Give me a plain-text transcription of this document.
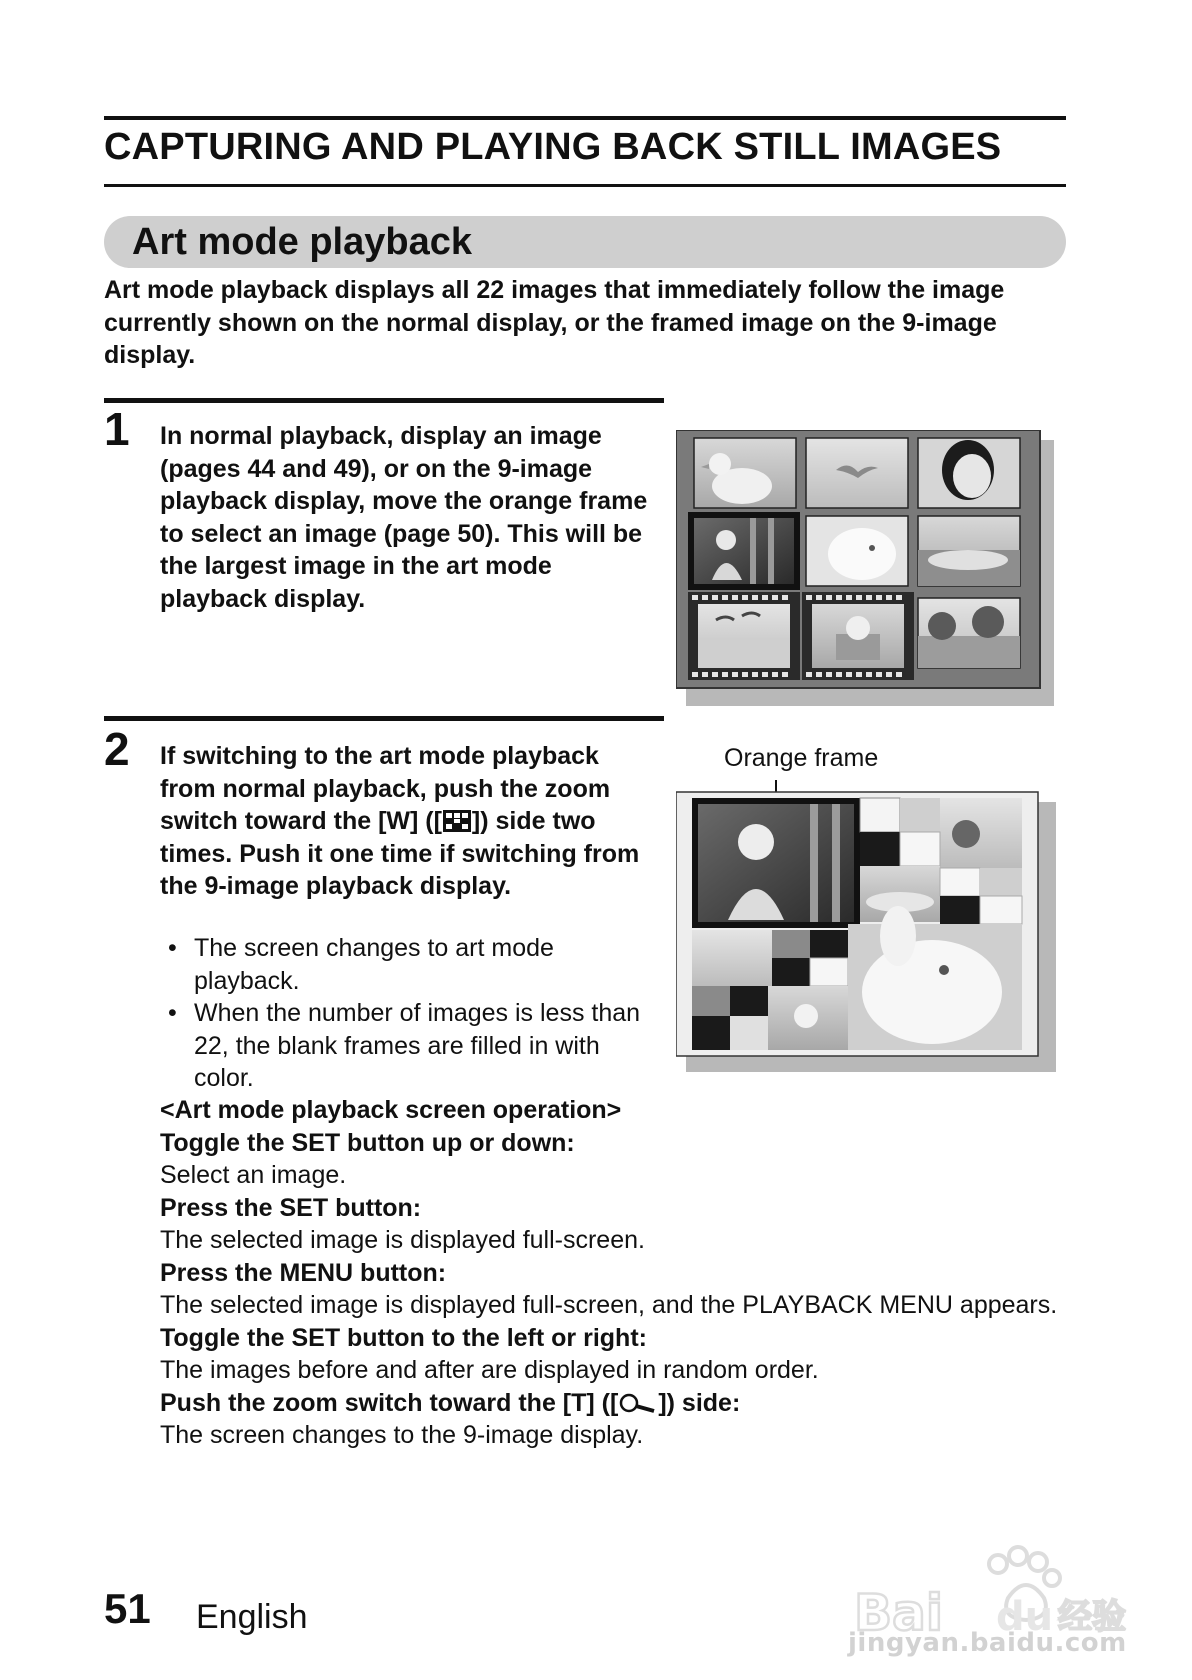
CAPTURING AND PLAYING BACK STILL IMAGES
Art mode playback

Art mode playback displays all 22 images that immediately follow the image currently shown on the normal display, or the framed image on the 9-image display.

1 In normal playback, display an image (pages 44 and 49), or on the 9-image playback display, move the orange frame to select an image (page 50). This will be the largest image in the art mode playback display.

2 If switching to the art mode playback from normal playback, push the zoom switch toward the [W] ([ ]) side two times. Push it one time if switching from the 9-image playback display.

• The screen changes to art mode playback.
• When the number of images is less than 22, the blank frames are filled in with color.
Orange frame
<Art mode playback screen operation>
Toggle the SET button up or down:
Select an image.
Press the SET button:
The selected image is displayed full-screen.
Press the MENU button:
The selected image is displayed full-screen, and the PLAYBACK MENU appears.
Toggle the SET button to the left or right:
The images before and after are displayed in random order.
Push the zoom switch toward the [T] ([ ]) side:
The screen changes to the 9-image display.
51 English	Bai du 经验
jingyan.baidu.com
